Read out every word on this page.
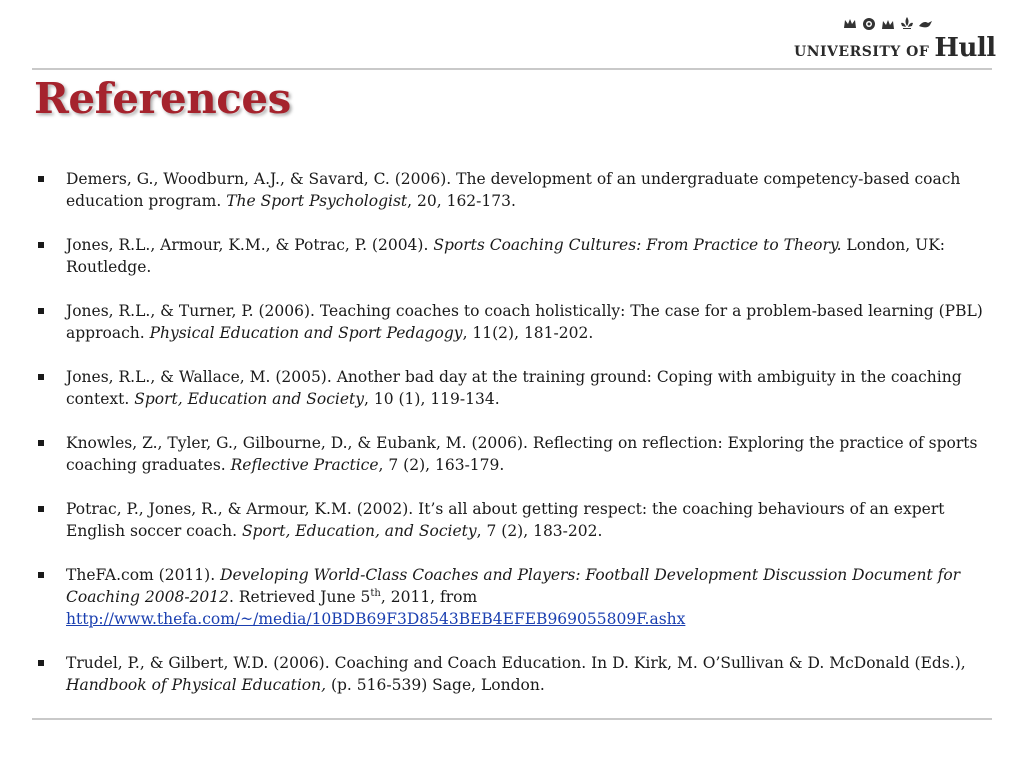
UNIVERSITY OF Hull
References
Demers, G., Woodburn, A.J., & Savard, C. (2006). The development of an undergraduate competency-based coach education program. The Sport Psychologist, 20, 162-173.
Jones, R.L., Armour, K.M., & Potrac, P. (2004). Sports Coaching Cultures: From Practice to Theory. London, UK: Routledge.
Jones, R.L., & Turner, P. (2006). Teaching coaches to coach holistically: The case for a problem-based learning (PBL) approach. Physical Education and Sport Pedagogy, 11(2), 181-202.
Jones, R.L., & Wallace, M. (2005). Another bad day at the training ground: Coping with ambiguity in the coaching context. Sport, Education and Society, 10 (1), 119-134.
Knowles, Z., Tyler, G., Gilbourne, D., & Eubank, M. (2006). Reflecting on reflection: Exploring the practice of sports coaching graduates. Reflective Practice, 7 (2), 163-179.
Potrac, P., Jones, R., & Armour, K.M. (2002). It’s all about getting respect: the coaching behaviours of an expert English soccer coach. Sport, Education, and Society, 7 (2), 183-202.
TheFA.com (2011). Developing World-Class Coaches and Players: Football Development Discussion Document for Coaching 2008-2012. Retrieved June 5th, 2011, from
http://www.thefa.com/~/media/10BDB69F3D8543BEB4EFEB969055809F.ashx
Trudel, P., & Gilbert, W.D. (2006). Coaching and Coach Education. In D. Kirk, M. O’Sullivan & D. McDonald (Eds.), Handbook of Physical Education, (p. 516-539) Sage, London.
